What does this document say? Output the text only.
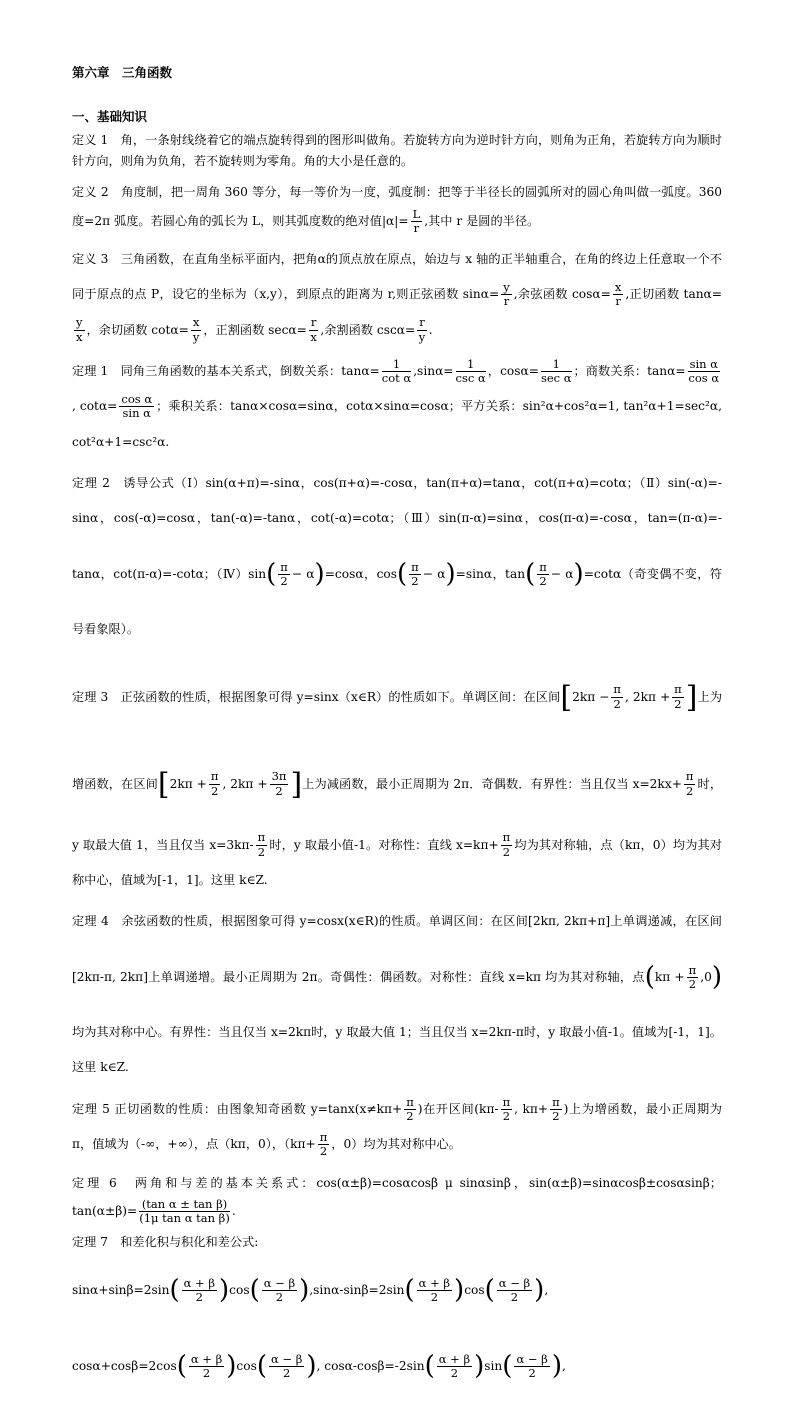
第六章　三角函数
一、基础知识

定义 1　角，一条射线绕着它的端点旋转得到的图形叫做角。若旋转方向为逆时针方向，则角为正角，若旋转方向为顺时针方向，则角为负角，若不旋转则为零角。角的大小是任意的。

定义 2　角度制，把一周角 360 等分，每一等价为一度，弧度制：把等于半径长的圆弧所对的圆心角叫做一弧度。360 度=2π 弧度。若圆心角的弧长为 L，则其弧度数的绝对值$|\alpha|= \frac{L}{r}$ ,其中 r 是圆的半径。

定义 3　三角函数，在直角坐标平面内，把角α的顶点放在原点，始边与 x 轴的正半轴重合，在角的终边上任意取一个不同于原点的点 P，设它的坐标为（x,y），到原点的距离为 r,则正弦函数 $\sin\alpha= \frac{y}{r}$ ,余弦函数 $\cos\alpha= \frac{x}{r}$ ,正切函数 tanα=
$\frac{y}{x}$ ，余切函数 $\cot\alpha= \frac{x}{y}$ ，正割函数 $\sec\alpha= \frac{r}{x}$ ,余割函数 $\csc\alpha= \frac{r}{y}$ .

定理 1　同角三角函数的基本关系式，倒数关系：$\tan\alpha= \frac{1}{\text{cot α}} ,\sin\alpha= \frac{1}{\text{csc α}}$ ，$\cos\alpha= \frac{1}{\text{sec α}}$ ；商数关系：$\tan\alpha= \frac{\text{sin α}}{\text{cos α}}$
, $\cot\alpha= \frac{\text{cos α}}{\text{sin α}}$ ；乘积关系：tanα×cosα=sinα，cotα×sinα=cosα；平方关系：sin²α+cos²α=1, tan²α+1=sec²α, cot²α+1=csc²α.

定理 2　诱导公式（Ⅰ）sin(α+π)=-sinα，cos(π+α)=-cosα，tan(π+α)=tanα，cot(π+α)=cotα；（Ⅱ）sin(-α)=-sinα，cos(-α)=cosα，tan(-α)=-tanα，cot(-α)=cotα；（Ⅲ）sin(π-α)=sinα，cos(π-α)=-cosα，tan=(π-α)=-tanα，cot(π-α)=-cotα；（Ⅳ）sin( $\frac{\pi}{2} - \alpha)=\cos\alpha$，$\cos( \frac{\pi}{2} - \alpha)=\sin\alpha$，$\tan( \frac{\pi}{2} - \alpha)=\cot\alpha$（奇变偶不变，符号看象限）。

定理 3　正弦函数的性质，根据图象可得 y=sinx（x∈R）的性质如下。单调区间：在区间[$2k\pi - \frac{\pi}{2}$ , $2k\pi + \frac{\pi}{2}$ ]上为增函数，在区间[$2k\pi + \frac{\pi}{2}$ , $2k\pi + \frac{3\pi}{2}$ ]上为减函数，最小正周期为 2π．奇偶数．有界性：当且仅当 $x=2kx+ \frac{\pi}{2}$ 时，y 取最大值 1，当且仅当 $x=3k\pi- \frac{\pi}{2}$ 时，y 取最小值-1。对称性：直线 $x=k\pi+ \frac{\pi}{2}$ 均为其对称轴，点（kπ，0）均为其对称中心，值域为[-1，1]。这里 k∈Z.

定理 4　余弦函数的性质，根据图象可得 y=cosx(x∈R)的性质。单调区间：在区间[2kπ, 2kπ+π]上单调递减，在区间[2kπ-π, 2kπ]上单调递增。最小正周期为 2π。奇偶性：偶函数。对称性：直线 x=kπ 均为其对称轴，点$(k\pi + \frac{\pi}{2} ,0)$均为其对称中心。有界性：当且仅当 x=2kπ时，y 取最大值 1；当且仅当 x=2kπ-π时，y 取最小值-1。值域为[-1，1]。这里 k∈Z.

定理 5 正切函数的性质：由图象知奇函数 $y=\tan x(x\ne k\pi+ \frac{\pi}{2}$ )在开区间($k\pi- \frac{\pi}{2}$ , $k\pi+ \frac{\pi}{2}$ )上为增函数，最小正周期为 π，值域为（-∞，+∞），点（kπ，0），（$k\pi+ \frac{\pi}{2}$ ，0）均为其对称中心。

定理 6　两角和与差的基本关系式：cos(α±β)=cosαcosβ μ sinαsinβ，sin(α±β)=sinαcosβ±cosαsinβ；$\tan(\alpha\pm\beta)= \frac{\text{(tan α ± tan β)}}{\text{(1μ tan α tan β)}}$ .

定理 7　和差化积与积化和差公式:

$\sin\alpha+\sin\beta=2\sin( \frac{\alpha + \beta}{2} )\cos( \frac{\alpha - \beta}{2} ),\sin\alpha-\sin\beta=2\sin( \frac{\alpha + \beta}{2} )\cos( \frac{\alpha - \beta}{2}$ ),

$\cos\alpha+\cos\beta=2\cos( \frac{\alpha + \beta}{2} )\cos( \frac{\alpha - \beta}{2}$ ), $\cos\alpha-\cos\beta=-2\sin( \frac{\alpha + \beta}{2} )\sin( \frac{\alpha - \beta}{2}$ ),
